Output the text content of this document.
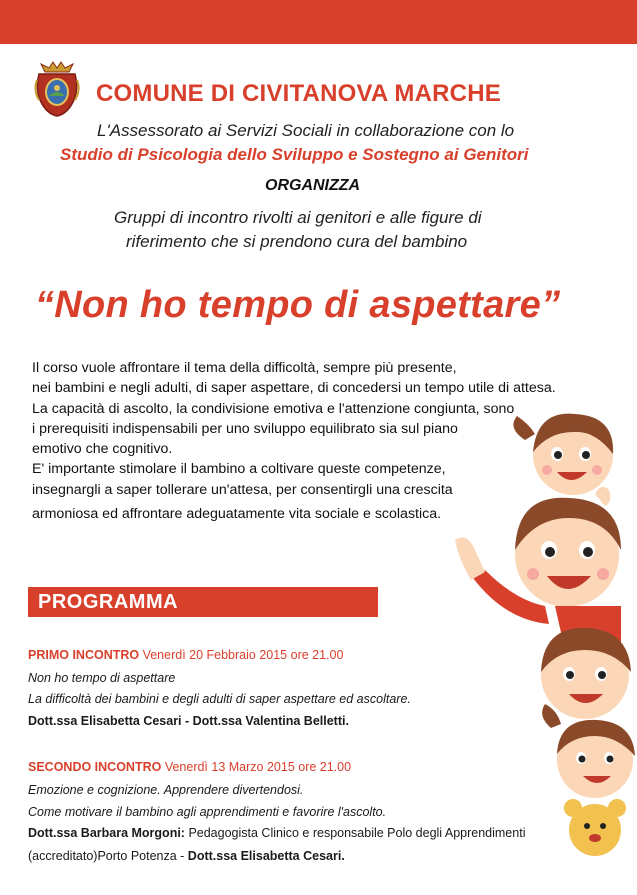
COMUNE DI CIVITANOVA MARCHE
L'Assessorato ai Servizi Sociali in collaborazione con lo
Studio di Psicologia dello Sviluppo e Sostegno ai Genitori
ORGANIZZA
Gruppi di incontro rivolti ai genitori e alle figure di
riferimento che si prendono cura del bambino
“Non ho tempo di aspettare”
Il corso vuole affrontare il tema della difficoltà, sempre più presente,
nei bambini e negli adulti, di saper aspettare, di concedersi un tempo utile di attesa.
La capacità di ascolto, la condivisione emotiva e l'attenzione congiunta, sono
i prerequisiti indispensabili per uno sviluppo equilibrato sia sul piano
emotivo che cognitivo.
E' importante stimolare il bambino a coltivare queste competenze,
insegnargli a saper tollerare un'attesa, per consentirgli una crescita
armoniosa ed affrontare adeguatamente vita sociale e scolastica.
PROGRAMMA
PRIMO INCONTRO Venerdì 20 Febbraio 2015 ore 21.00
Non ho tempo di aspettare
La difficoltà dei bambini e degli adulti di saper aspettare ed ascoltare.
Dott.ssa Elisabetta Cesari - Dott.ssa Valentina Belletti.
SECONDO INCONTRO Venerdì 13 Marzo 2015 ore 21.00
Emozione e cognizione. Apprendere divertendosi.
Come motivare il bambino agli apprendimenti e favorire l'ascolto.
Dott.ssa Barbara Morgoni: Pedagogista Clinico e responsabile Polo degli Apprendimenti
(accreditato)Porto Potenza - Dott.ssa Elisabetta Cesari.
